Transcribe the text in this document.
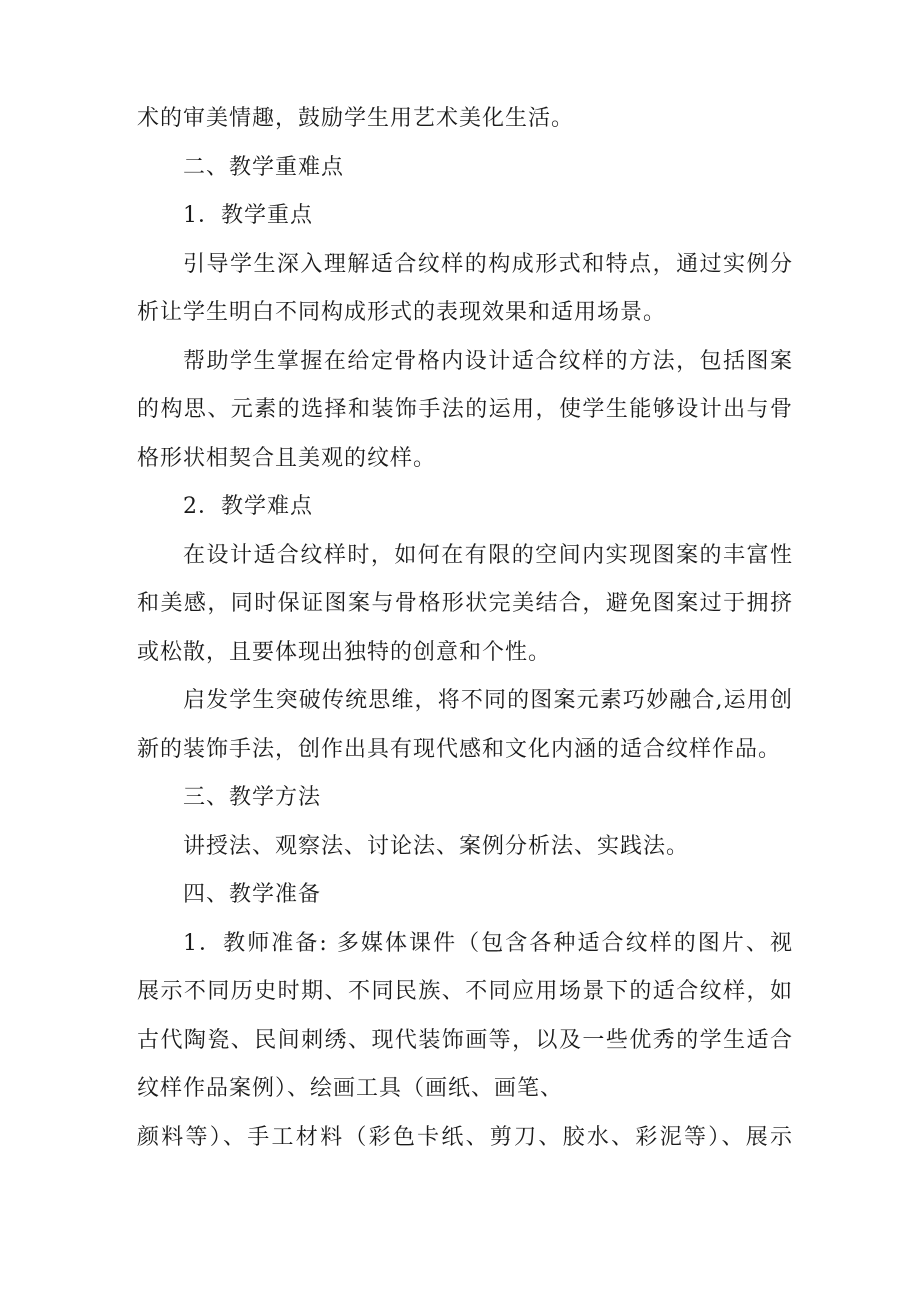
术的审美情趣，鼓励学生用艺术美化生活。
二、教学重难点
1．教学重点
引导学生深入理解适合纹样的构成形式和特点，通过实例分
析让学生明白不同构成形式的表现效果和适用场景。
帮助学生掌握在给定骨格内设计适合纹样的方法，包括图案
的构思、元素的选择和装饰手法的运用，使学生能够设计出与骨
格形状相契合且美观的纹样。
2．教学难点
在设计适合纹样时，如何在有限的空间内实现图案的丰富性
和美感，同时保证图案与骨格形状完美结合，避免图案过于拥挤
或松散，且要体现出独特的创意和个性。
启发学生突破传统思维，将不同的图案元素巧妙融合,运用创
新的装饰手法，创作出具有现代感和文化内涵的适合纹样作品。
三、教学方法
讲授法、观察法、讨论法、案例分析法、实践法。
四、教学准备
1．教师准备: 多媒体课件（包含各种适合纹样的图片、视
展示不同历史时期、不同民族、不同应用场景下的适合纹样，如
古代陶瓷、民间刺绣、现代装饰画等，以及一些优秀的学生适合
纹样作品案例）、绘画工具（画纸、画笔、
颜料等）、手工材料（彩色卡纸、剪刀、胶水、彩泥等）、展示
